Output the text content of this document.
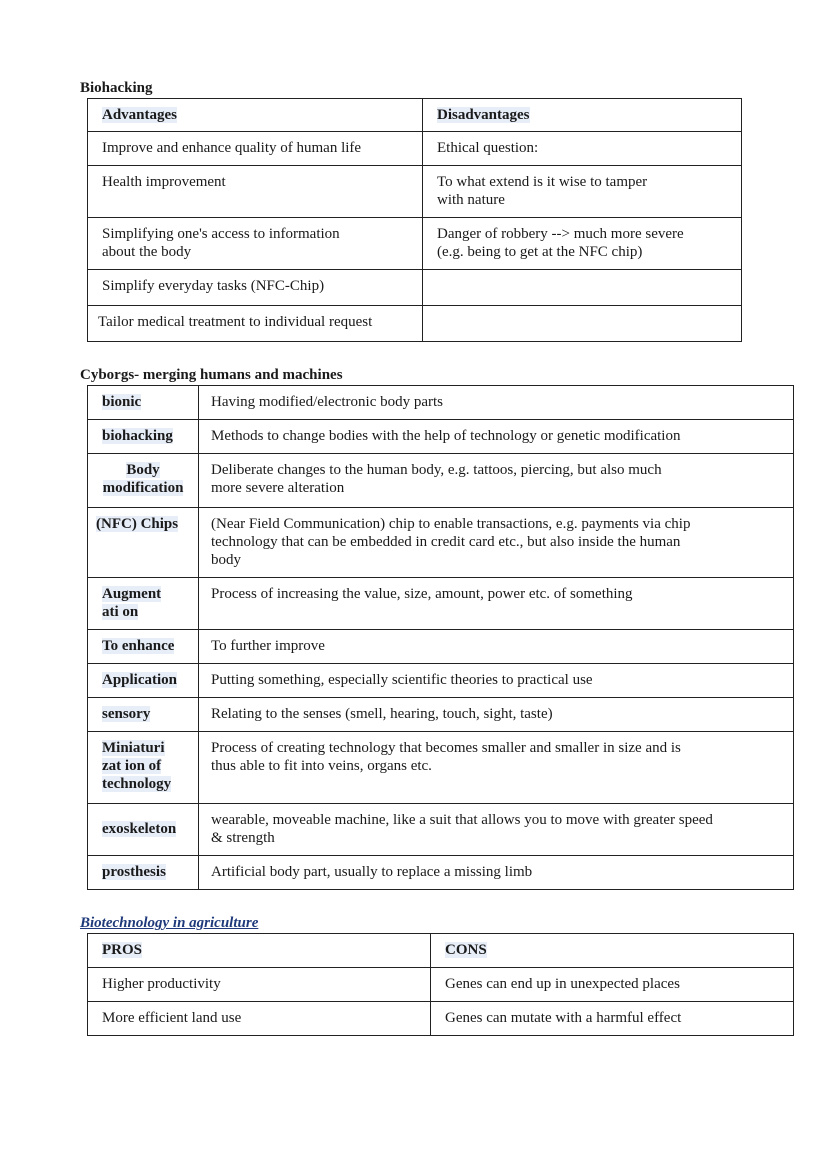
Biohacking

Advantages	Disadvantages
Improve and enhance quality of human life	Ethical question:
Health improvement	To what extend is it wise to tamper
with nature
Simplifying one's access to information
about the body	Danger of robbery --> much more severe
(e.g. being to get at the NFC chip)
Simplify everyday tasks (NFC-Chip)	
Tailor medical treatment to individual request	

Cyborgs- merging humans and machines

bionic	Having modified/electronic body parts
biohacking	Methods to change bodies with the help of technology or genetic modification
Body
modification	Deliberate changes to the human body, e.g. tattoos, piercing, but also much
more severe alteration
(NFC) Chips	(Near Field Communication) chip to enable transactions, e.g. payments via chip
technology that can be embedded in credit card etc., but also inside the human
body
Augment
ati on	Process of increasing the value, size, amount, power etc. of something
To enhance	To further improve
Application	Putting something, especially scientific theories to practical use
sensory	Relating to the senses (smell, hearing, touch, sight, taste)
Miniaturi
zat ion of
technology	Process of creating technology that becomes smaller and smaller in size and is
thus able to fit into veins, organs etc.
exoskeleton	wearable, moveable machine, like a suit that allows you to move with greater speed
& strength
prosthesis	Artificial body part, usually to replace a missing limb

Biotechnology in agriculture

PROS	CONS
Higher productivity	Genes can end up in unexpected places
More efficient land use	Genes can mutate with a harmful effect
